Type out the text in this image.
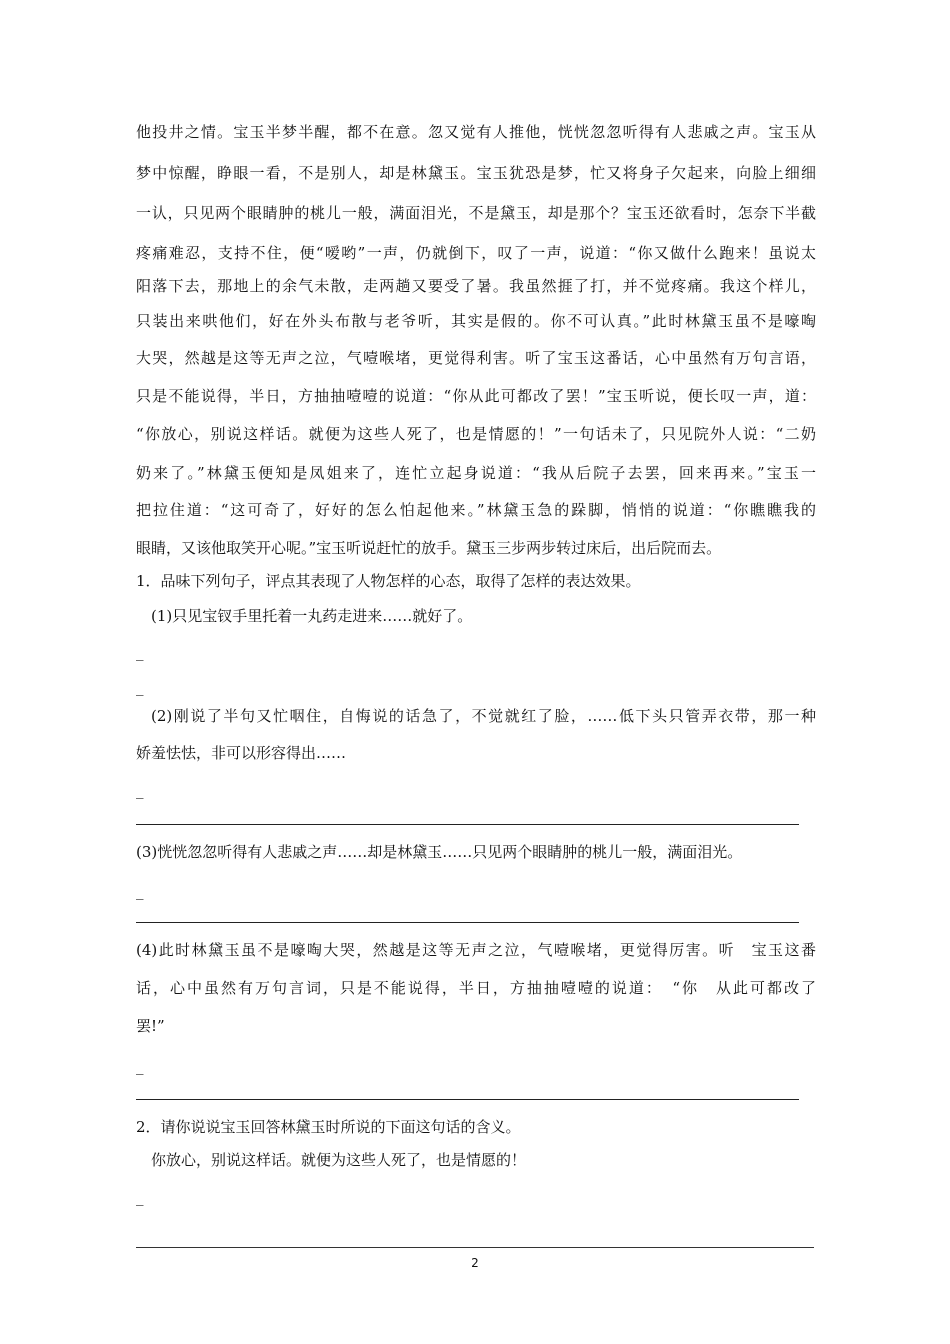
他投井之情。宝玉半梦半醒，都不在意。忽又觉有人推他，恍恍忽忽听得有人悲戚之声。宝玉从
梦中惊醒，睁眼一看，不是别人，却是林黛玉。宝玉犹恐是梦，忙又将身子欠起来，向脸上细细
一认，只见两个眼睛肿的桃儿一般，满面泪光，不是黛玉，却是那个？宝玉还欲看时，怎奈下半截
疼痛难忍，支持不住，便“嗳哟”一声，仍就倒下，叹了一声，说道：“你又做什么跑来！虽说太
阳落下去，那地上的余气未散，走两趟又要受了暑。我虽然捱了打，并不觉疼痛。我这个样儿，
只装出来哄他们，好在外头布散与老爷听，其实是假的。你不可认真。”此时林黛玉虽不是嚎啕
大哭，然越是这等无声之泣，气噎喉堵，更觉得利害。听了宝玉这番话，心中虽然有万句言语，
只是不能说得，半日，方抽抽噎噎的说道：“你从此可都改了罢！”宝玉听说，便长叹一声，道：
“你放心，别说这样话。就便为这些人死了，也是情愿的！”一句话未了，只见院外人说：“二奶
奶来了。”林黛玉便知是凤姐来了，连忙立起身说道：“我从后院子去罢，回来再来。”宝玉一
把拉住道：“这可奇了，好好的怎么怕起他来。”林黛玉急的跺脚，悄悄的说道：“你瞧瞧我的
眼睛，又该他取笑开心呢。”宝玉听说赶忙的放手。黛玉三步两步转过床后，出后院而去。
1．品味下列句子，评点其表现了人物怎样的心态，取得了怎样的表达效果。
(1)只见宝钗手里托着一丸药走进来……就好了。
_
_
(2)刚说了半句又忙咽住，自悔说的话急了，不觉就红了脸，……低下头只管弄衣带，那一种
娇羞怯怯，非可以形容得出……
_
(3)恍恍忽忽听得有人悲戚之声……却是林黛玉……只见两个眼睛肿的桃儿一般，满面泪光。
_
(4)此时林黛玉虽不是嚎啕大哭，然越是这等无声之泣，气噎喉堵，更觉得厉害。听　宝玉这番
话，心中虽然有万句言词，只是不能说得，半日，方抽抽噎噎的说道：　“你　从此可都改了
罢!”
_
2．请你说说宝玉回答林黛玉时所说的下面这句话的含义。
你放心，别说这样话。就便为这些人死了，也是情愿的！
_
2
